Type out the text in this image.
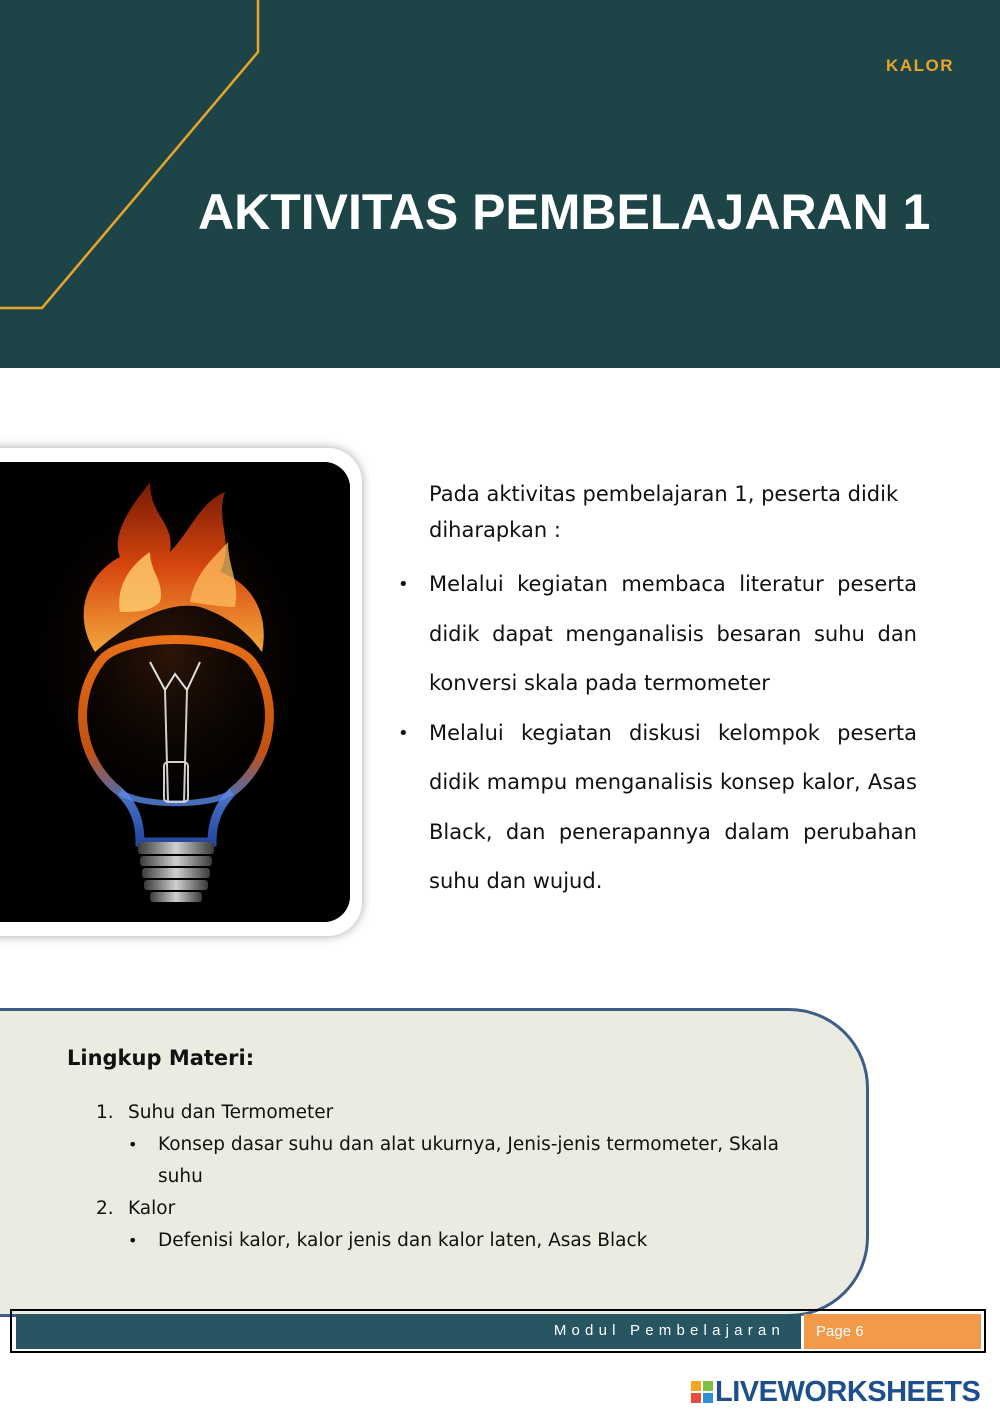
KALOR
AKTIVITAS PEMBELAJARAN 1

Pada aktivitas pembelajaran 1, peserta didik diharapkan :

• Melalui kegiatan membaca literatur peserta didik dapat menganalisis besaran suhu dan konversi skala pada termometer
• Melalui kegiatan diskusi kelompok peserta didik mampu menganalisis konsep kalor, Asas Black, dan penerapannya dalam perubahan suhu dan wujud.
Lingkup Materi:
1. Suhu dan Termometer
• Konsep dasar suhu dan alat ukurnya, Jenis-jenis termometer, Skala suhu
2. Kalor
• Defenisi kalor, kalor jenis dan kalor laten, Asas Black
Modul Pembelajaran Page 6
LIVEWORKSHEETS
